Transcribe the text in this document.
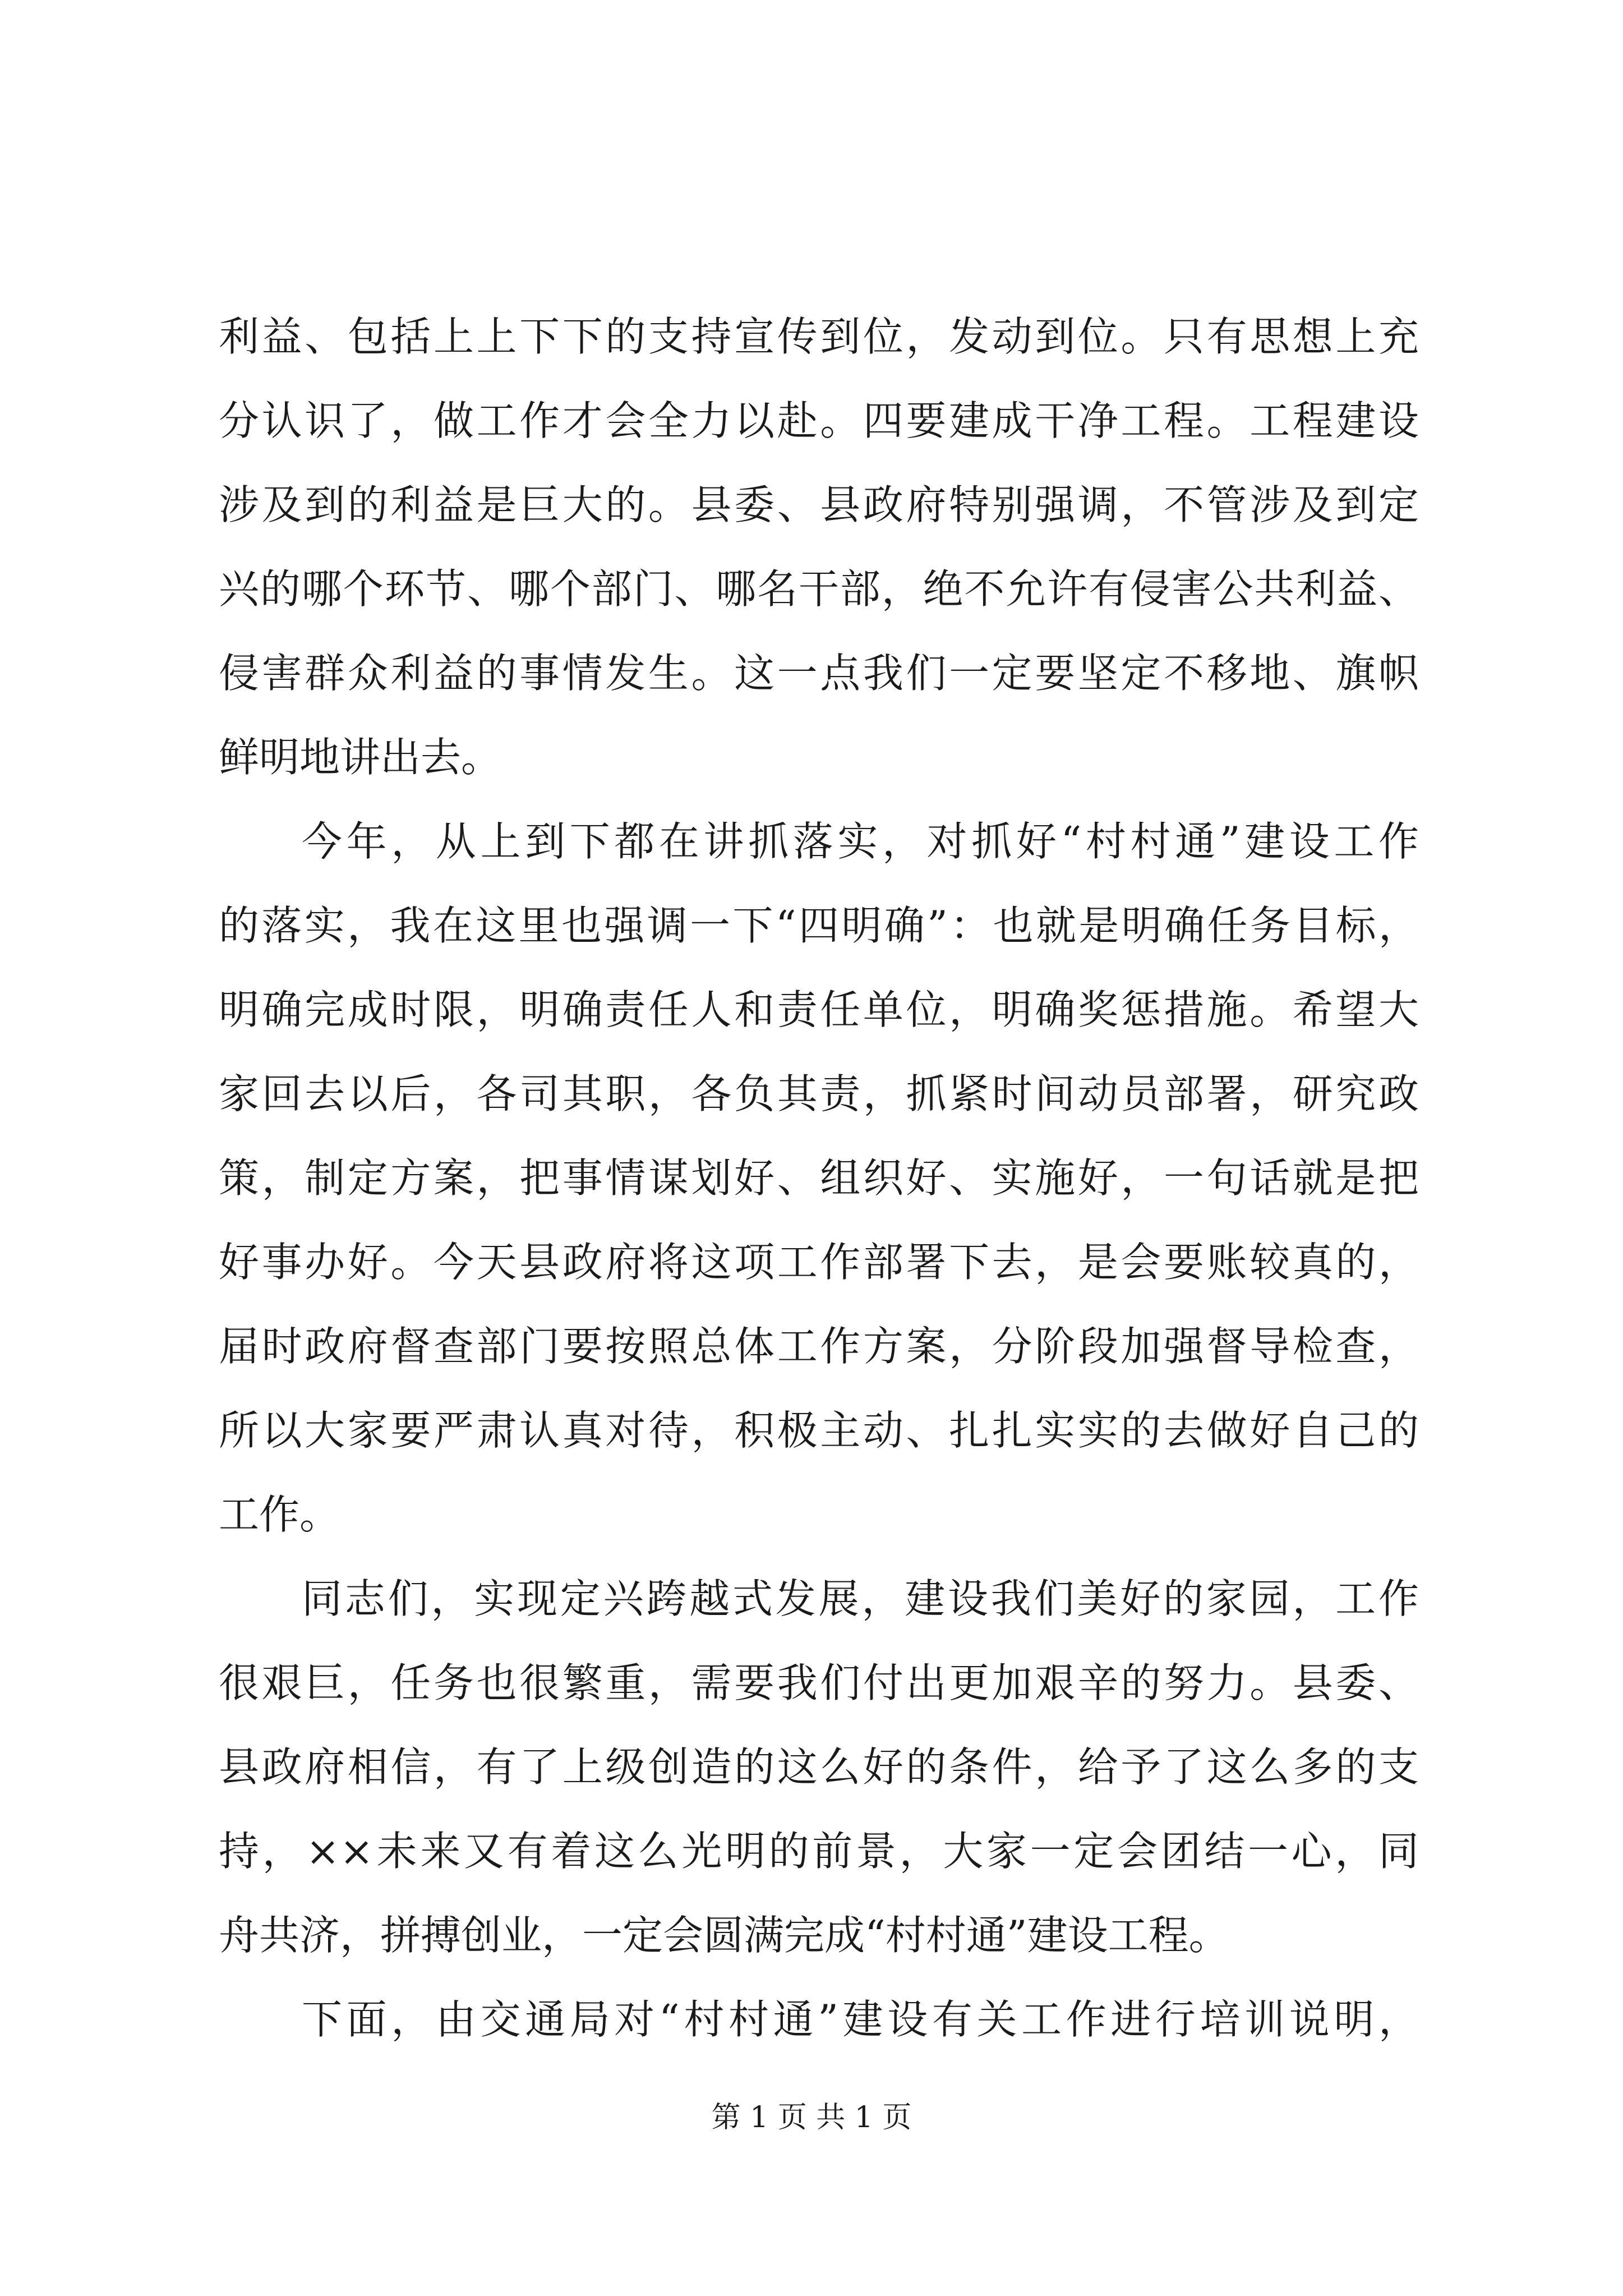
利益、包括上上下下的支持宣传到位，发动到位。只有思想上充
分认识了，做工作才会全力以赴。四要建成干净工程。工程建设
涉及到的利益是巨大的。县委、县政府特别强调，不管涉及到定
兴的哪个环节、哪个部门、哪名干部，绝不允许有侵害公共利益、
侵害群众利益的事情发生。这一点我们一定要坚定不移地、旗帜
鲜明地讲出去。
今年，从上到下都在讲抓落实，对抓好“村村通”建设工作
的落实，我在这里也强调一下“四明确”：也就是明确任务目标，
明确完成时限，明确责任人和责任单位，明确奖惩措施。希望大
家回去以后，各司其职，各负其责，抓紧时间动员部署，研究政
策，制定方案，把事情谋划好、组织好、实施好，一句话就是把
好事办好。今天县政府将这项工作部署下去，是会要账较真的，
届时政府督查部门要按照总体工作方案，分阶段加强督导检查，
所以大家要严肃认真对待，积极主动、扎扎实实的去做好自己的
工作。
同志们，实现定兴跨越式发展，建设我们美好的家园，工作
很艰巨，任务也很繁重，需要我们付出更加艰辛的努力。县委、
县政府相信，有了上级创造的这么好的条件，给予了这么多的支
持，××未来又有着这么光明的前景，大家一定会团结一心，同
舟共济，拼搏创业，一定会圆满完成“村村通”建设工程。
下面，由交通局对“村村通”建设有关工作进行培训说明，
第 1 页 共 1 页
